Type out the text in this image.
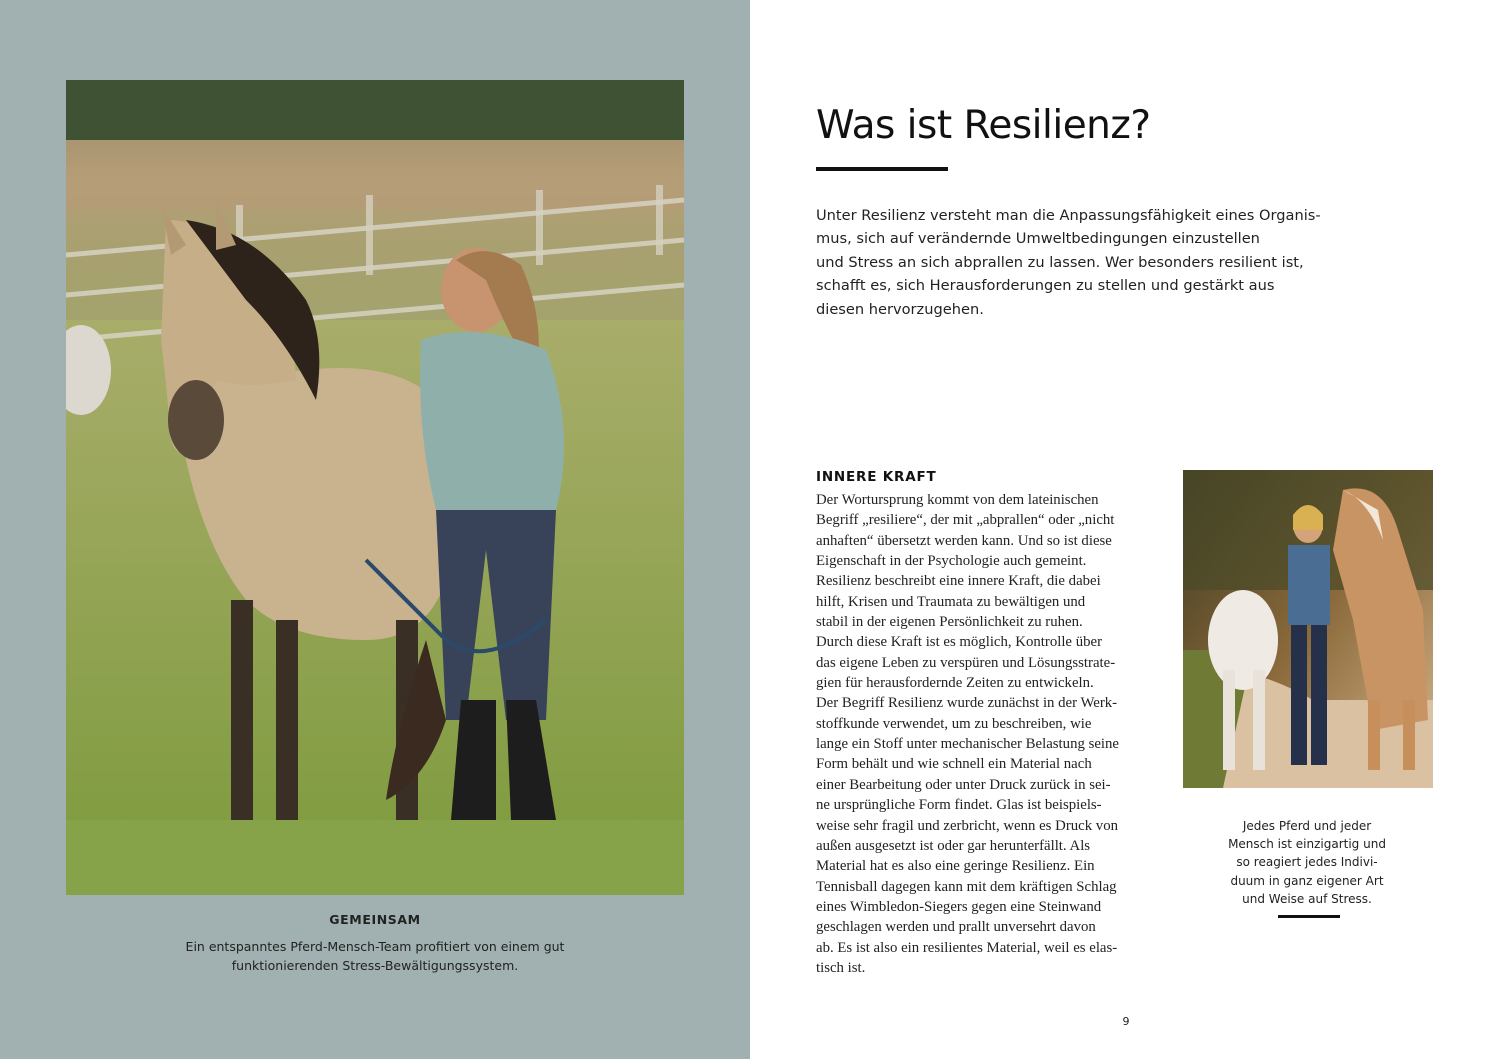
GEMEINSAM
Ein entspanntes Pferd-Mensch-Team profitiert von einem gut
funktionierenden Stress-Bewältigungssystem.
Was ist Resilienz?
Unter Resilienz versteht man die Anpassungsfähigkeit eines Organis-
mus, sich auf verändernde Umweltbedingungen einzustellen
und Stress an sich abprallen zu lassen. Wer besonders resilient ist,
schafft es, sich Herausforderungen zu stellen und gestärkt aus
diesen hervorzugehen.
INNERE KRAFT
Der Wortursprung kommt von dem lateinischen
Begriff „resiliere“, der mit „abprallen“ oder „nicht
anhaften“ übersetzt werden kann. Und so ist diese
Eigenschaft in der Psychologie auch gemeint.
Resilienz beschreibt eine innere Kraft, die dabei
hilft, Krisen und Traumata zu bewältigen und
stabil in der eigenen Persönlichkeit zu ruhen.
Durch diese Kraft ist es möglich, Kontrolle über
das eigene Leben zu verspüren und Lösungsstrate-
gien für herausfordernde Zeiten zu entwickeln.
Der Begriff Resilienz wurde zunächst in der Werk-
stoffkunde verwendet, um zu beschreiben, wie
lange ein Stoff unter mechanischer Belastung seine
Form behält und wie schnell ein Material nach
einer Bearbeitung oder unter Druck zurück in sei-
ne ursprüngliche Form findet. Glas ist beispiels-
weise sehr fragil und zerbricht, wenn es Druck von
außen ausgesetzt ist oder gar herunterfällt. Als
Material hat es also eine geringe Resilienz. Ein
Tennisball dagegen kann mit dem kräftigen Schlag
eines Wimbledon-Siegers gegen eine Steinwand
geschlagen werden und prallt unversehrt davon
ab. Es ist also ein resilientes Material, weil es elas-
tisch ist.
Jedes Pferd und jeder
Mensch ist einzigartig und
so reagiert jedes Indivi-
duum in ganz eigener Art
und Weise auf Stress.
9
